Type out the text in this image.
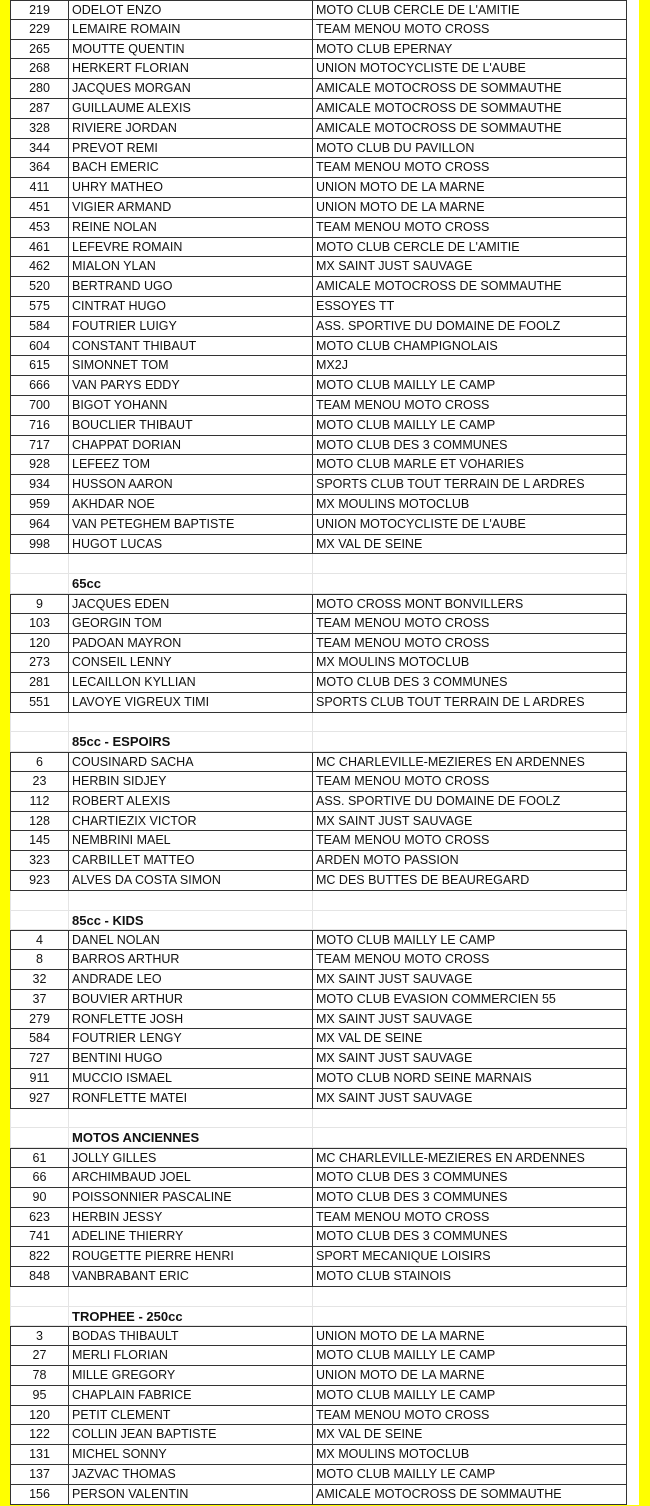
219	ODELOT ENZO	MOTO CLUB CERCLE DE L'AMITIE
229	LEMAIRE ROMAIN	TEAM MENOU MOTO CROSS
265	MOUTTE QUENTIN	MOTO CLUB EPERNAY
268	HERKERT FLORIAN	UNION MOTOCYCLISTE DE L'AUBE
280	JACQUES MORGAN	AMICALE MOTOCROSS DE SOMMAUTHE
287	GUILLAUME ALEXIS	AMICALE MOTOCROSS DE SOMMAUTHE
328	RIVIERE JORDAN	AMICALE MOTOCROSS DE SOMMAUTHE
344	PREVOT REMI	MOTO CLUB DU PAVILLON
364	BACH EMERIC	TEAM MENOU MOTO CROSS
411	UHRY MATHEO	UNION MOTO DE LA MARNE
451	VIGIER ARMAND	UNION MOTO DE LA MARNE
453	REINE NOLAN	TEAM MENOU MOTO CROSS
461	LEFEVRE ROMAIN	MOTO CLUB CERCLE DE L'AMITIE
462	MIALON YLAN	MX SAINT JUST SAUVAGE
520	BERTRAND UGO	AMICALE MOTOCROSS DE SOMMAUTHE
575	CINTRAT HUGO	ESSOYES TT
584	FOUTRIER LUIGY	ASS. SPORTIVE DU DOMAINE DE FOOLZ
604	CONSTANT THIBAUT	MOTO CLUB CHAMPIGNOLAIS
615	SIMONNET TOM	MX2J
666	VAN PARYS EDDY	MOTO CLUB MAILLY LE CAMP
700	BIGOT YOHANN	TEAM MENOU MOTO CROSS
716	BOUCLIER THIBAUT	MOTO CLUB MAILLY LE CAMP
717	CHAPPAT DORIAN	MOTO CLUB DES 3 COMMUNES
928	LEFEEZ TOM	MOTO CLUB MARLE ET VOHARIES
934	HUSSON AARON	SPORTS CLUB TOUT TERRAIN DE L ARDRES
959	AKHDAR NOE	MX MOULINS MOTOCLUB
964	VAN PETEGHEM BAPTISTE	UNION MOTOCYCLISTE DE L'AUBE
998	HUGOT LUCAS	MX VAL DE SEINE
65cc
9	JACQUES EDEN	MOTO CROSS MONT BONVILLERS
103	GEORGIN TOM	TEAM MENOU MOTO CROSS
120	PADOAN MAYRON	TEAM MENOU MOTO CROSS
273	CONSEIL LENNY	MX MOULINS MOTOCLUB
281	LECAILLON KYLLIAN	MOTO CLUB DES 3 COMMUNES
551	LAVOYE VIGREUX TIMI	SPORTS CLUB TOUT TERRAIN DE L ARDRES
85cc - ESPOIRS
6	COUSINARD SACHA	MC CHARLEVILLE-MEZIERES EN ARDENNES
23	HERBIN SIDJEY	TEAM MENOU MOTO CROSS
112	ROBERT ALEXIS	ASS. SPORTIVE DU DOMAINE DE FOOLZ
128	CHARTIEZIX VICTOR	MX SAINT JUST SAUVAGE
145	NEMBRINI MAEL	TEAM MENOU MOTO CROSS
323	CARBILLET MATTEO	ARDEN MOTO PASSION
923	ALVES DA COSTA SIMON	MC DES BUTTES DE BEAUREGARD
85cc - KIDS
4	DANEL NOLAN	MOTO CLUB MAILLY LE CAMP
8	BARROS ARTHUR	TEAM MENOU MOTO CROSS
32	ANDRADE LEO	MX SAINT JUST SAUVAGE
37	BOUVIER ARTHUR	MOTO CLUB EVASION COMMERCIEN 55
279	RONFLETTE JOSH	MX SAINT JUST SAUVAGE
584	FOUTRIER LENGY	MX VAL DE SEINE
727	BENTINI HUGO	MX SAINT JUST SAUVAGE
911	MUCCIO ISMAEL	MOTO CLUB NORD SEINE MARNAIS
927	RONFLETTE MATEI	MX SAINT JUST SAUVAGE
MOTOS ANCIENNES
61	JOLLY GILLES	MC CHARLEVILLE-MEZIERES EN ARDENNES
66	ARCHIMBAUD JOEL	MOTO CLUB DES 3 COMMUNES
90	POISSONNIER PASCALINE	MOTO CLUB DES 3 COMMUNES
623	HERBIN JESSY	TEAM MENOU MOTO CROSS
741	ADELINE THIERRY	MOTO CLUB DES 3 COMMUNES
822	ROUGETTE PIERRE HENRI	SPORT MECANIQUE LOISIRS
848	VANBRABANT ERIC	MOTO CLUB STAINOIS
TROPHEE - 250cc
3	BODAS THIBAULT	UNION MOTO DE LA MARNE
27	MERLI FLORIAN	MOTO CLUB MAILLY LE CAMP
78	MILLE GREGORY	UNION MOTO DE LA MARNE
95	CHAPLAIN FABRICE	MOTO CLUB MAILLY LE CAMP
120	PETIT CLEMENT	TEAM MENOU MOTO CROSS
122	COLLIN JEAN BAPTISTE	MX VAL DE SEINE
131	MICHEL SONNY	MX MOULINS MOTOCLUB
137	JAZVAC THOMAS	MOTO CLUB MAILLY LE CAMP
156	PERSON VALENTIN	AMICALE MOTOCROSS DE SOMMAUTHE
